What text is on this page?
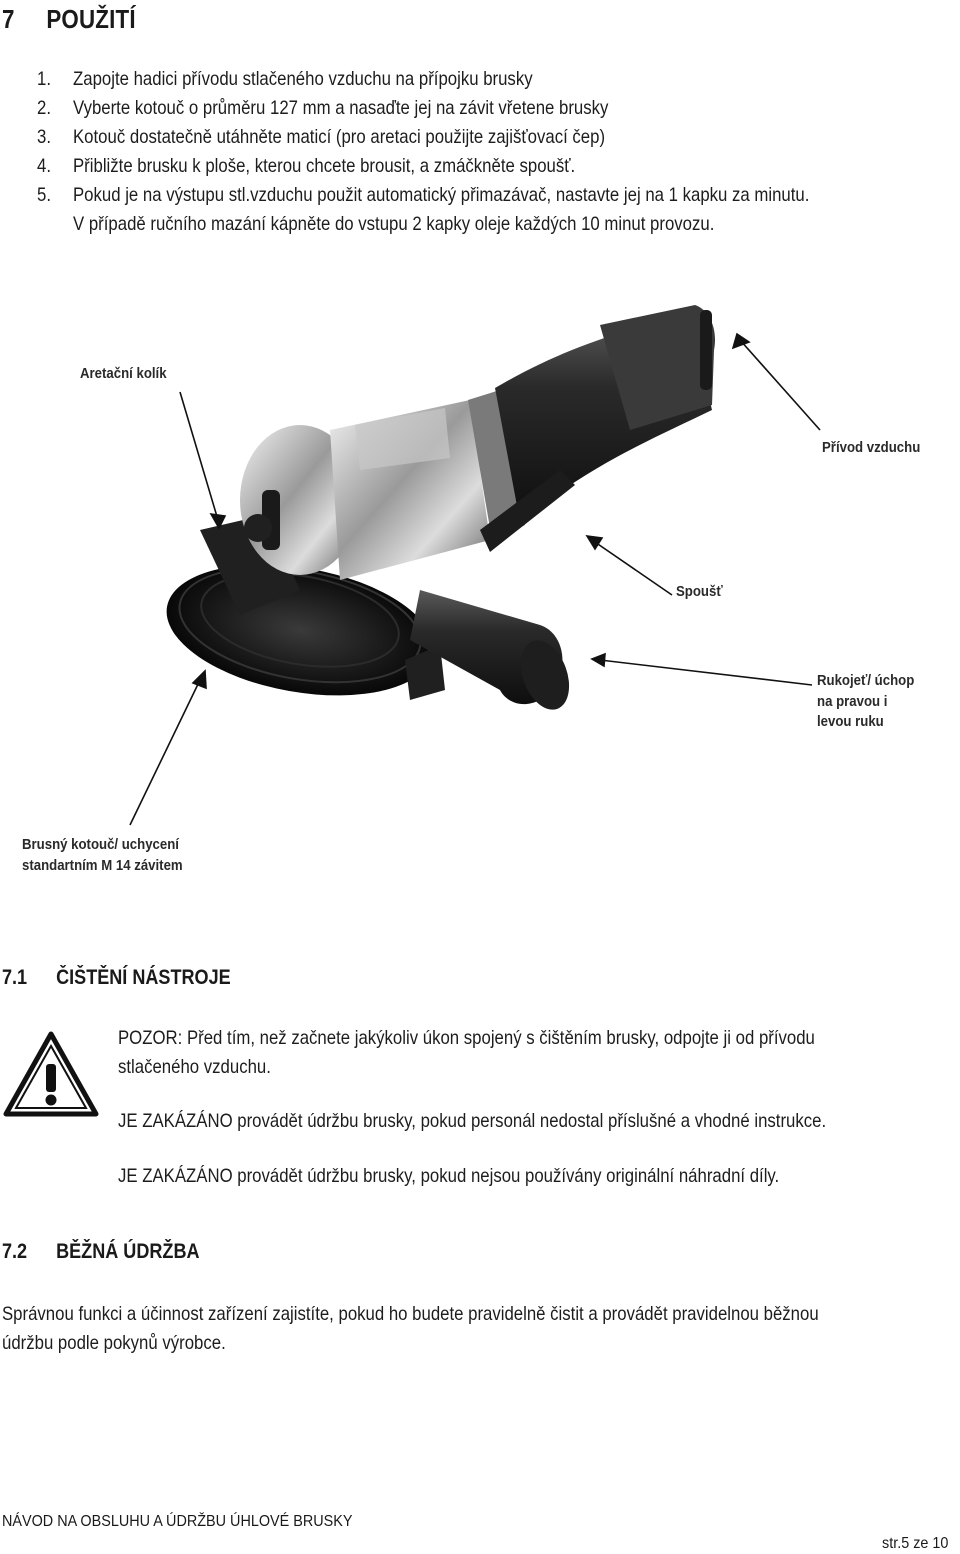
7 POUŽITÍ
1. Zapojte hadici přívodu stlačeného vzduchu na přípojku brusky
2. Vyberte kotouč o průměru 127 mm a nasaďte jej na závit vřetene brusky
3. Kotouč dostatečně utáhněte maticí (pro aretaci použijte zajišťovací čep)
4. Přibližte brusku k ploše, kterou chcete brousit, a zmáčkněte spoušť.
5. Pokud je na výstupu stl.vzduchu použit automatický přimazávač, nastavte jej na 1 kapku za minutu.
V případě ručního mazání kápněte do vstupu 2 kapky oleje každých 10 minut provozu.
Aretační kolík
Přívod vzduchu
Spoušť
Rukojeť/ úchop
na pravou i
levou ruku
Brusný kotouč/ uchycení
standartním M 14 závitem
7.1 ČIŠTĚNÍ NÁSTROJE
POZOR: Před tím, než začnete jakýkoliv úkon spojený s čištěním brusky, odpojte ji od přívodu
stlačeného vzduchu.
JE ZAKÁZÁNO provádět údržbu brusky, pokud personál nedostal příslušné a vhodné instrukce.
JE ZAKÁZÁNO provádět údržbu brusky, pokud nejsou používány originální náhradní díly.
7.2 BĚŽNÁ ÚDRŽBA
Správnou funkci a účinnost zařízení zajistíte, pokud ho budete pravidelně čistit a provádět pravidelnou běžnou
údržbu podle pokynů výrobce.
NÁVOD NA OBSLUHU A ÚDRŽBU ÚHLOVÉ BRUSKY
str.5 ze 10
